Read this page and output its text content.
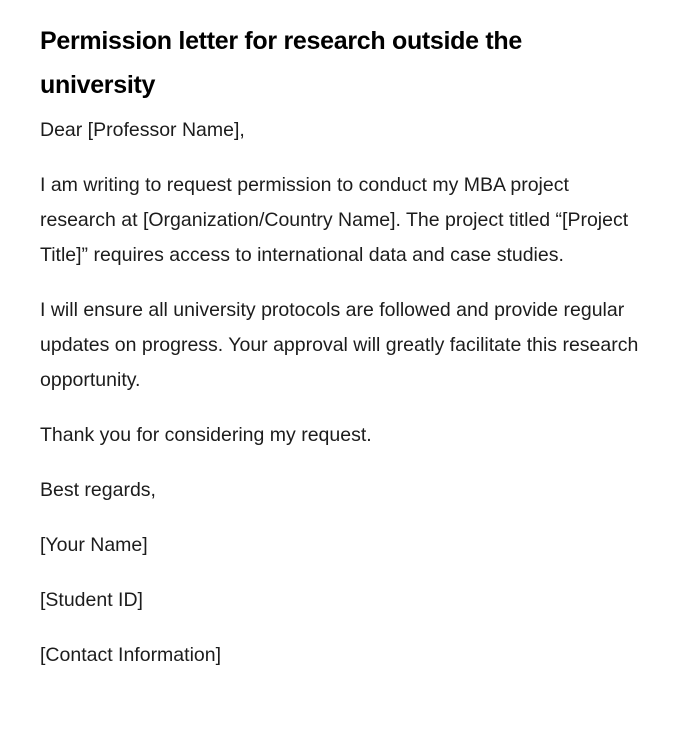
Permission letter for research outside the university

Dear [Professor Name],

I am writing to request permission to conduct my MBA project research at [Organization/Country Name]. The project titled “[Project Title]” requires access to international data and case studies.

I will ensure all university protocols are followed and provide regular updates on progress. Your approval will greatly facilitate this research opportunity.

Thank you for considering my request.

Best regards,

[Your Name]

[Student ID]

[Contact Information]
